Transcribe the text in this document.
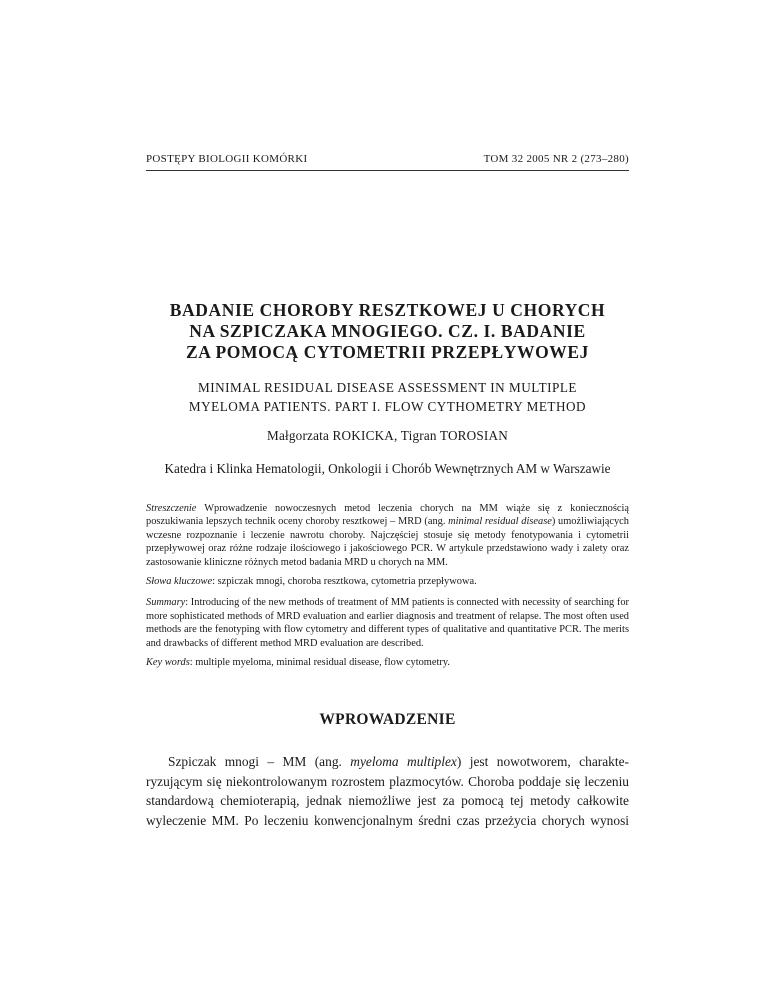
POSTĘPY BIOLOGII KOMÓRKI	TOM 32 2005 NR 2 (273–280)
BADANIE CHOROBY RESZTKOWEJ U CHORYCH
NA SZPICZAKA MNOGIEGO. CZ. I. BADANIE
ZA POMOCĄ CYTOMETRII PRZEPŁYWOWEJ
MINIMAL RESIDUAL DISEASE ASSESSMENT IN MULTIPLE
MYELOMA PATIENTS. PART I. FLOW CYTHOMETRY METHOD
Małgorzata ROKICKA, Tigran TOROSIAN
Katedra i Klinka Hematologii, Onkologii i Chorób Wewnętrznych AM w Warszawie

Streszczenie Wprowadzenie nowoczesnych metod leczenia chorych na MM wiąże się z koniecznością poszukiwania lepszych technik oceny choroby resztkowej – MRD (ang. minimal residual disease) umożliwiających wczesne rozpoznanie i leczenie nawrotu choroby. Najczęściej stosuje się metody fenotypowania i cytometrii przepływowej oraz różne rodzaje ilościowego i jakościowego PCR. W artykule przedstawiono wady i zalety oraz zastosowanie kliniczne różnych metod badania MRD u chorych na MM.

Słowa kluczowe: szpiczak mnogi, choroba resztkowa, cytometria przepływowa.

Summary: Introducing of the new methods of treatment of MM patients is connected with necessity of searching for more sophisticated methods of MRD evaluation and earlier diagnosis and treatment of relapse. The most often used methods are the fenotyping with flow cytometry and different types of qualitative and quantitative PCR. The merits and drawbacks of different method MRD evaluation are described.

Key words: multiple myeloma, minimal residual disease, flow cytometry.

WPROWADZENIE
Szpiczak mnogi – MM (ang. myeloma multiplex) jest nowotworem, charakte-
ryzującym się niekontrolowanym rozrostem plazmocytów. Choroba poddaje się leczeniu
standardową chemioterapią, jednak niemożliwe jest za pomocą tej metody całkowite
wyleczenie MM. Po leczeniu konwencjonalnym średni czas przeżycia chorych wynosi
